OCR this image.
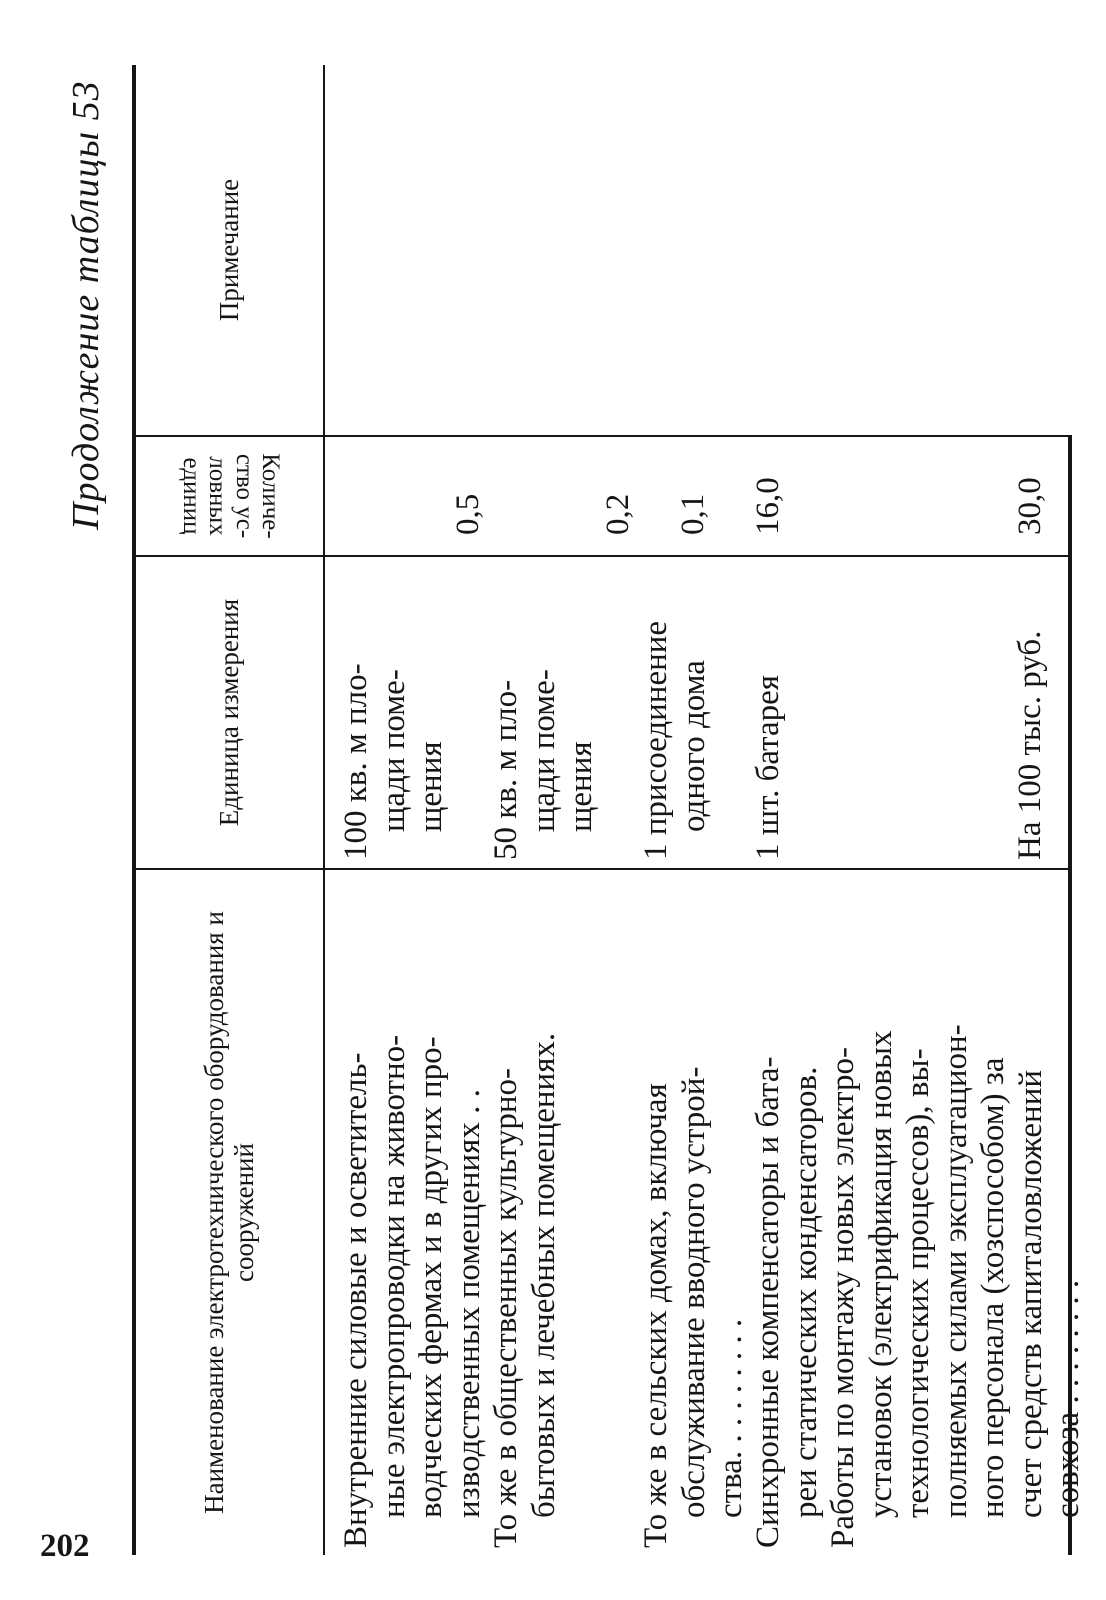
202
Продолжение таблицы 53
Наименование электротехнического оборудования и сооружений
Единица измерения
Количе-ство ус-ловных единиц
Примечание
Внутренние силовые и осветитель- ные электропроводки на животно- водческих фермах и в других про- изводственных помещениях . .
100 кв. м пло- щади поме- щения
0,5
То же в общественных культурно- бытовых и лечебных помещениях.
50 кв. м пло- щади поме- щения
0,2
То же в сельских домах, включая обслуживание вводного устрой- ства. . . . . . . . .
1 присоединение одного дома
0,1
Синхронные компенсаторы и бата- реи статических конденсаторов.
1 шт. батарея
16,0
Работы по монтажу новых электро- установок (электрификация новых технологических процессов), вы- полняемых силами эксплуатацион- ного персонала (хозспособом) за счет средств капиталовложений совхоза . . . . . . . .
На 100 тыс. руб.
30,0
